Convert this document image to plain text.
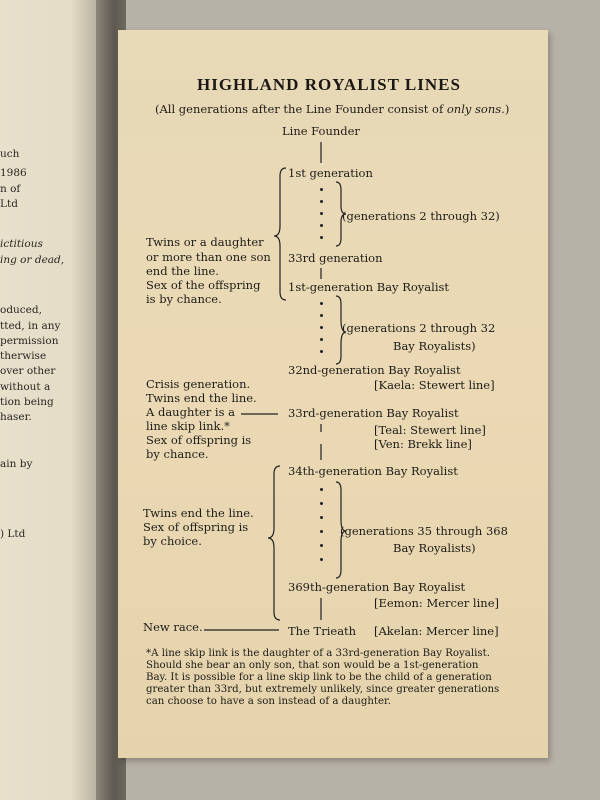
uch
1986
n of
Ltd
ictitious
ing or dead,
oduced,
tted, in any
permission
therwise
over other
without a
tion being
haser.
ain by
) Ltd
HIGHLAND ROYALIST LINES
(All generations after the Line Founder consist of only sons.)
Line Founder
1st generation
(generations 2 through 32)
33rd generation
1st-generation Bay Royalist
(generations 2 through 32
Bay Royalists)
32nd-generation Bay Royalist
[Kaela: Stewert line]
33rd-generation Bay Royalist
[Teal: Stewert line]
[Ven: Brekk line]
34th-generation Bay Royalist
(generations 35 through 368
Bay Royalists)
369th-generation Bay Royalist
[Eemon: Mercer line]
The Trieath [Akelan: Mercer line]
Twins or a daughter
or more than one son
end the line.
Sex of the offspring
is by chance.
Crisis generation.
Twins end the line.
A daughter is a
line skip link.*
Sex of offspring is
by chance.
Twins end the line.
Sex of offspring is
by choice.
New race.
*A line skip link is the daughter of a 33rd-generation Bay Royalist.
Should she bear an only son, that son would be a 1st-generation
Bay. It is possible for a line skip link to be the child of a generation
greater than 33rd, but extremely unlikely, since greater generations
can choose to have a son instead of a daughter.
